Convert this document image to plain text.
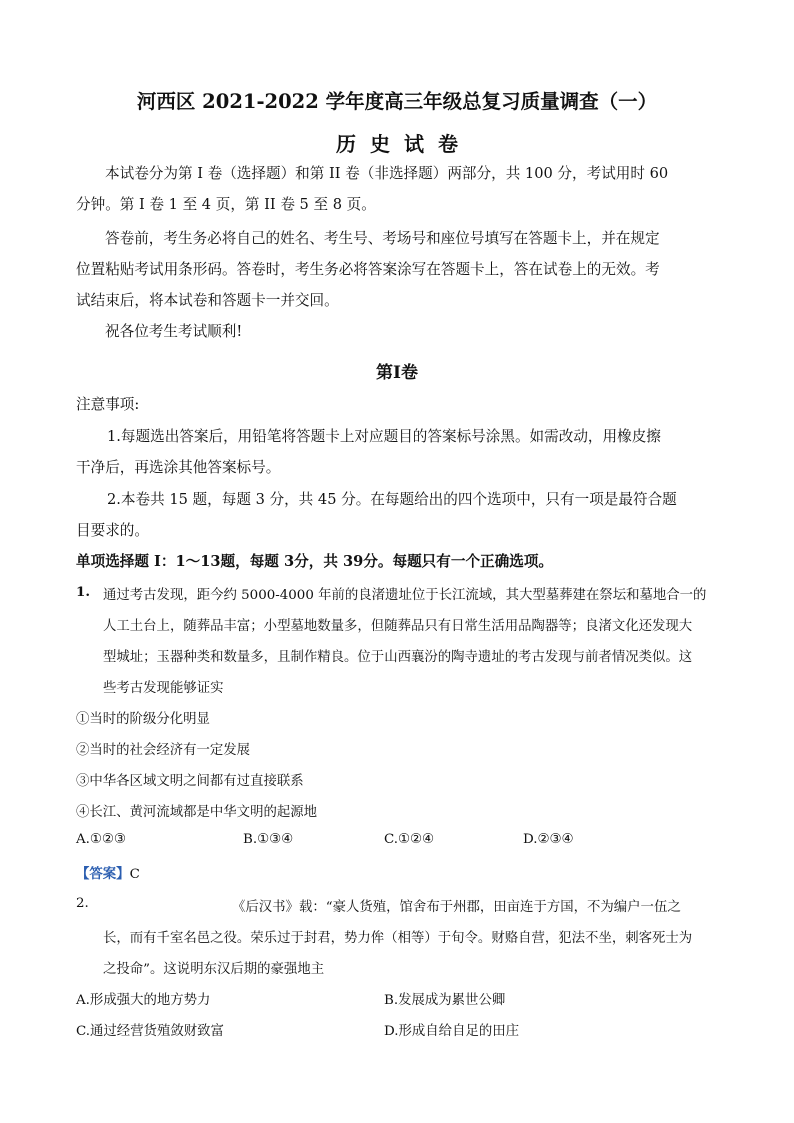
河西区 2021-2022 学年度高三年级总复习质量调查（一）
历史试卷
本试卷分为第 I 卷（选择题）和第 II 卷（非选择题）两部分，共 100 分，考试用时 60
分钟。第 I 卷 1 至 4 页，第 II 卷 5 至 8 页。
答卷前，考生务必将自己的姓名、考生号、考场号和座位号填写在答题卡上，并在规定
位置粘贴考试用条形码。答卷时，考生务必将答案涂写在答题卡上，答在试卷上的无效。考
试结束后，将本试卷和答题卡一并交回。
祝各位考生考试顺利!
第Ⅰ卷
注意事项:
1.每题选出答案后，用铅笔将答题卡上对应题目的答案标号涂黑。如需改动，用橡皮擦
干净后，再选涂其他答案标号。
2.本卷共 15 题，每题 3 分，共 45 分。在每题给出的四个选项中，只有一项是最符合题
目要求的。
单项选择题 I：1～13题，每题 3分，共 39分。每题只有一个正确选项。
1. 通过考古发现，距今约 5000-4000 年前的良渚遗址位于长江流域，其大型墓葬建在祭坛和墓地合一的
人工土台上，随葬品丰富；小型墓地数量多，但随葬品只有日常生活用品陶器等；良渚文化还发现大
型城址；玉器种类和数量多，且制作精良。位于山西襄汾的陶寺遗址的考古发现与前者情况类似。这
些考古发现能够证实
①当时的阶级分化明显
②当时的社会经济有一定发展
③中华各区域文明之间都有过直接联系
④长江、黄河流域都是中华文明的起源地
A.①②③	B.①③④	C.①②④	D.②③④
【答案】C
2.	《后汉书》载：“豪人货殖，馆舍布于州郡，田亩连于方国，不为编户一伍之
长，而有千室名邑之役。荣乐过于封君，势力侔（相等）于旬令。财赂自营，犯法不坐，刺客死士为
之投命”。这说明东汉后期的豪强地主
A.形成强大的地方势力	B.发展成为累世公卿
C.通过经营货殖敛财致富	D.形成自给自足的田庄
